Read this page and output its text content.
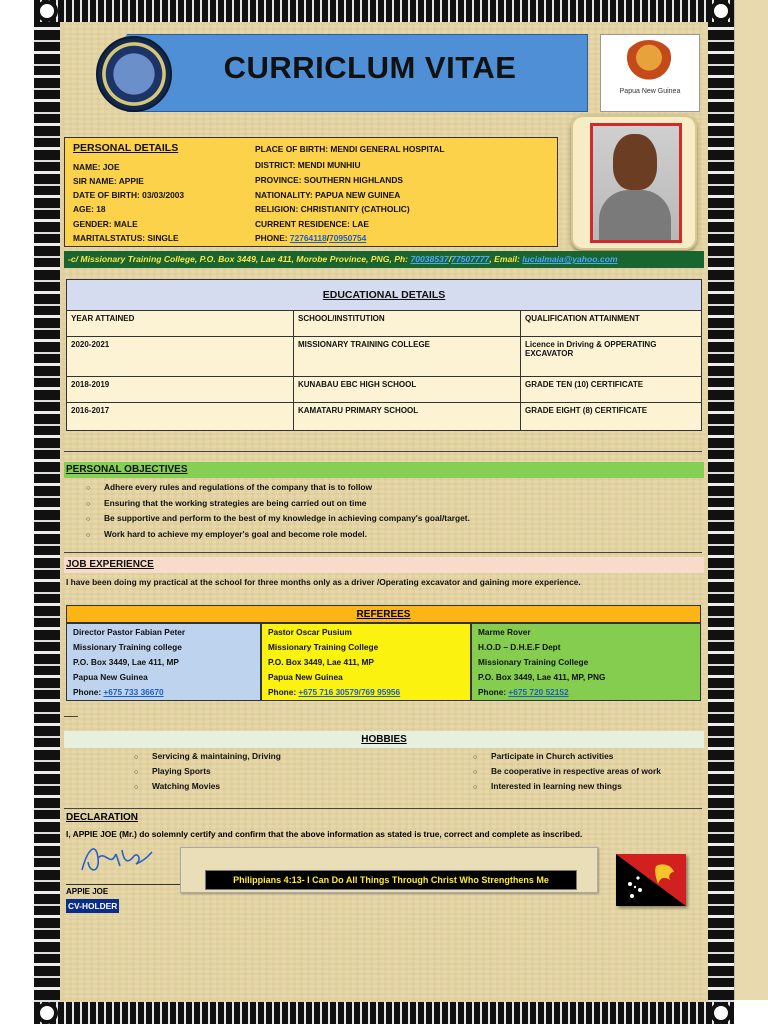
CURRICLUM VITAE
Papua New Guinea
PERSONAL DETAILS
NAME: JOE
SIR NAME: APPIE
DATE OF BIRTH: 03/03/2003
AGE: 18
GENDER: MALE
MARITALSTATUS: SINGLE
PLACE OF BIRTH: MENDI GENERAL HOSPITAL
DISTRICT: MENDI MUNHIU
PROVINCE: SOUTHERN HIGHLANDS
NATIONALITY: PAPUA NEW GUINEA
RELIGION: CHRISTIANITY (CATHOLIC)
CURRENT RESIDENCE: LAE
PHONE: 72764118/70950754
-c/ Missionary Training College, P.O. Box 3449, Lae 411, Morobe Province, PNG, Ph: 70038537/77507777, Email: lucialmaia@yahoo.com
EDUCATIONAL DETAILS		
YEAR ATTAINED	SCHOOL/INSTITUTION	QUALIFICATION ATTAINMENT
2020-2021	MISSIONARY TRAINING COLLEGE	Licence in Driving & OPPERATING EXCAVATOR
2018-2019	KUNABAU EBC HIGH SCHOOL	GRADE TEN (10) CERTIFICATE
2016-2017	KAMATARU PRIMARY SCHOOL	GRADE EIGHT (8) CERTIFICATE
PERSONAL OBJECTIVES
○ Adhere every rules and regulations of the company that is to follow
○ Ensuring that the working strategies are being carried out on time
○ Be supportive and perform to the best of my knowledge in achieving company's goal/target.
○ Work hard to achieve my employer's goal and become role model.
JOB EXPERIENCE
I have been doing my practical at the school for three months only as a driver /Operating excavator and gaining more experience.
REFEREES
Director Pastor Fabian Peter
Missionary Training college
P.O. Box 3449, Lae 411, MP
Papua New Guinea
Phone: +675 733 36670
Pastor Oscar Pusium
Missionary Training College
P.O. Box 3449, Lae 411, MP
Papua New Guinea
Phone: +675 716 30579/769 95956
Marme Rover
H.O.D – D.H.E.F Dept
Missionary Training College
P.O. Box 3449, Lae 411, MP, PNG
Phone: +675 720 52152
HOBBIES
○ Servicing & maintaining, Driving
○ Playing Sports
○ Watching Movies
○ Participate in Church activities
○ Be cooperative in respective areas of work
○ Interested in learning new things
DECLARATION
I, APPIE JOE (Mr.) do solemnly certify and confirm that the above information as stated is true, correct and complete as inscribed.
APPIE JOE
CV-HOLDER
Philippians 4:13- I Can Do All Things Through Christ Who Strengthens Me
